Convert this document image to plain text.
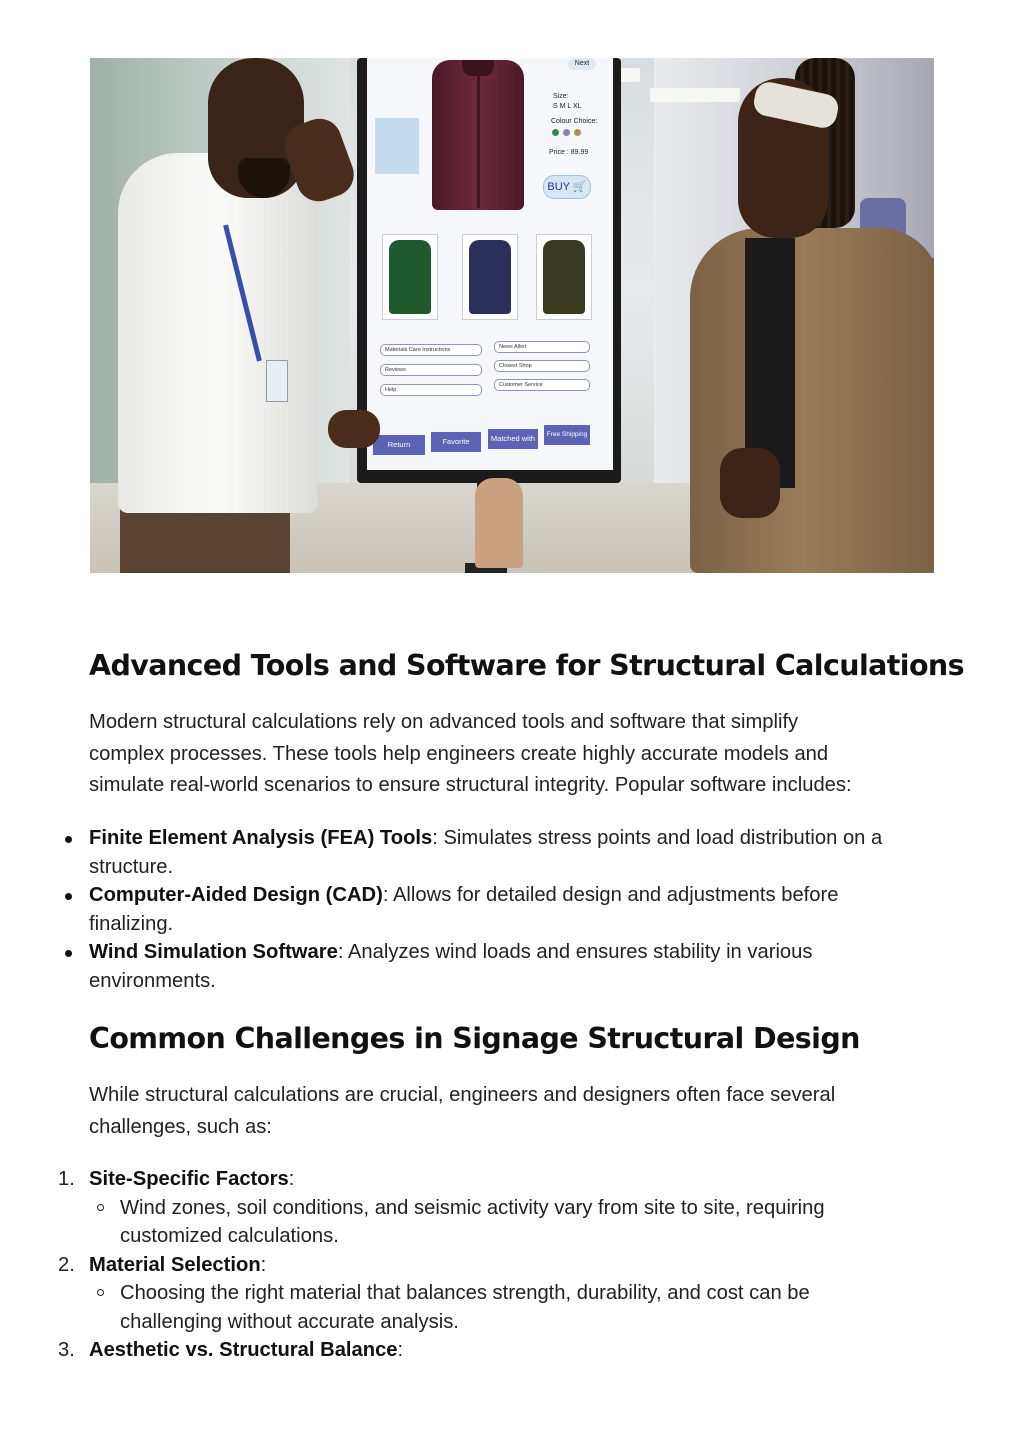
Next
Size:
S M L XL
Colour Choice:
Price : 89.99
BUY 🛒
Materials Care Instructions
Reviews
Help
News Allert
Closest Shop
Customer Service
Return	Favorite	Matched with	Free Shipping
Advanced Tools and Software for Structural Calculations

Modern structural calculations rely on advanced tools and software that simplify
complex processes. These tools help engineers create highly accurate models and
simulate real-world scenarios to ensure structural integrity. Popular software includes:

Finite Element Analysis (FEA) Tools: Simulates stress points and load distribution on a
structure.
Computer-Aided Design (CAD): Allows for detailed design and adjustments before
finalizing.
Wind Simulation Software: Analyzes wind loads and ensures stability in various
environments.
Common Challenges in Signage Structural Design

While structural calculations are crucial, engineers and designers often face several
challenges, such as:

1. Site-Specific Factors:
Wind zones, soil conditions, and seismic activity vary from site to site, requiring
customized calculations.
2. Material Selection:
Choosing the right material that balances strength, durability, and cost can be
challenging without accurate analysis.
3. Aesthetic vs. Structural Balance:
